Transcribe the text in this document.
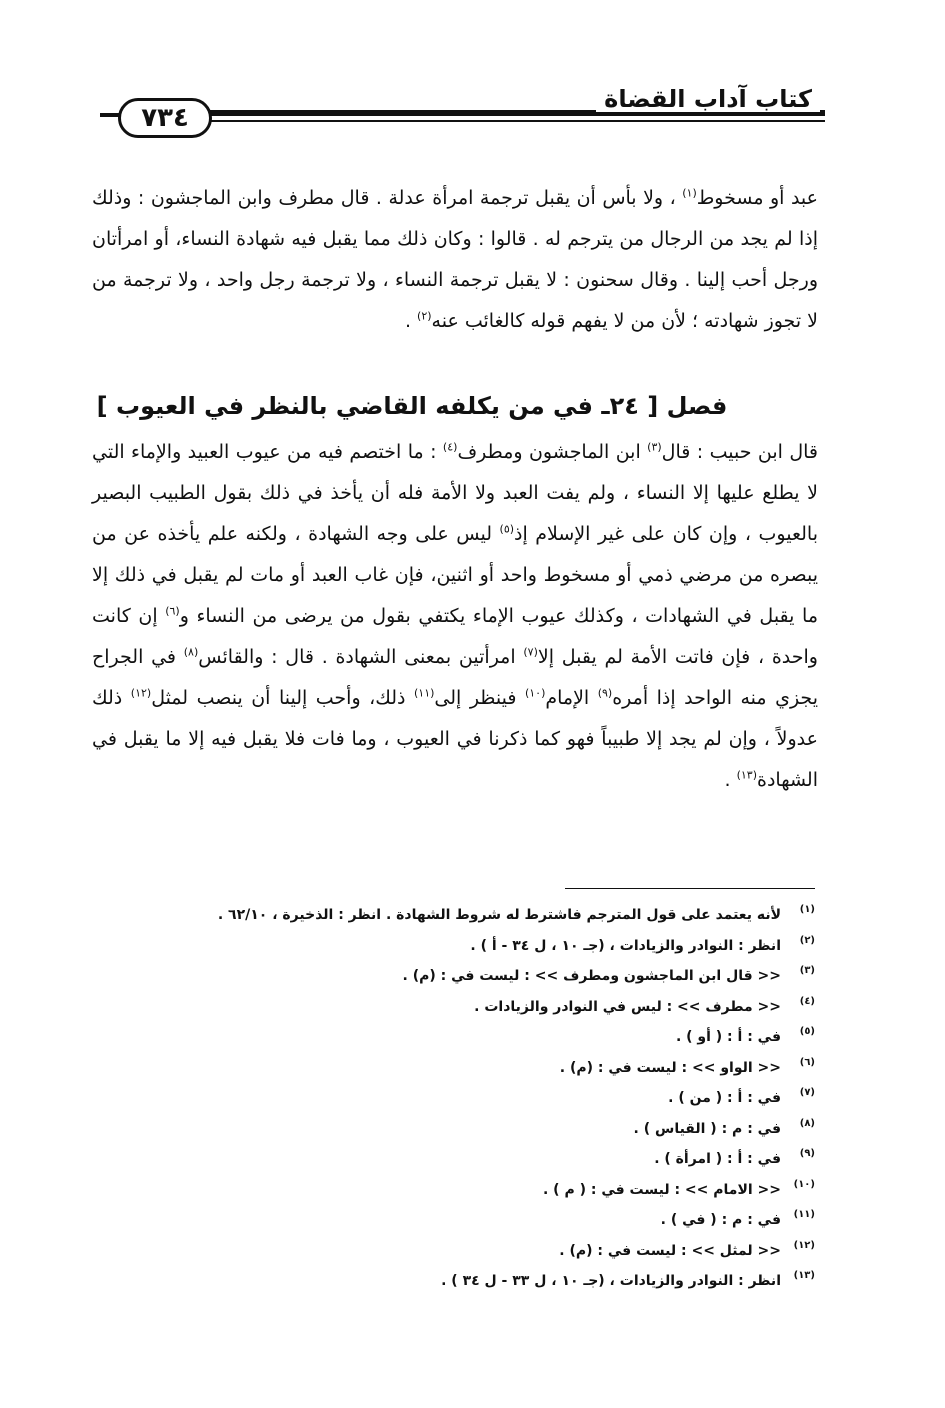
كتاب آداب القضاة
٧٣٤

عبد أو مسخوط$^{(١)}$ ، ولا بأس أن يقبل ترجمة امرأة عدلة . قال مطرف وابن الماجشون : وذلك إذا لم يجد من الرجال من يترجم له . قالوا : وكان ذلك مما يقبل فيه شهادة النساء، أو امرأتان ورجل أحب إلينا . وقال سحنون : لا يقبل ترجمة النساء ، ولا ترجمة رجل واحد ، ولا ترجمة من لا تجوز شهادته ؛ لأن من لا يفهم قوله كالغائب عنه$^{(٢)}$ .

فصل [ ٢٤ـ في من يكلفه القاضي بالنظر في العيوب ]

قال ابن حبيب : قال$^{(٣)}$ ابن الماجشون ومطرف$^{(٤)}$ : ما اختصم فيه من عيوب العبيد والإماء التي لا يطلع عليها إلا النساء ، ولم يفت العبد ولا الأمة فله أن يأخذ في ذلك بقول الطبيب البصير بالعيوب ، وإن كان على غير الإسلام إذ$^{(٥)}$ ليس على وجه الشهادة ، ولكنه علم يأخذه عن من يبصره من مرضي ذمي أو مسخوط واحد أو اثنين، فإن غاب العبد أو مات لم يقبل في ذلك إلا ما يقبل في الشهادات ، وكذلك عيوب الإماء يكتفي بقول من يرضى من النساء و$^{(٦)}$ إن كانت واحدة ، فإن فاتت الأمة لم يقبل إلا$^{(٧)}$ امرأتين بمعنى الشهادة . قال : والقائس$^{(٨)}$ في الجراح يجزي منه الواحد إذا أمره$^{(٩)}$ الإمام$^{(١٠)}$ فينظر إلى$^{(١١)}$ ذلك، وأحب إلينا أن ينصب لمثل$^{(١٢)}$ ذلك عدولاً ، وإن لم يجد إلا طبيباً فهو كما ذكرنا في العيوب ، وما فات فلا يقبل فيه إلا ما يقبل في الشهادة$^{(١٣)}$ .

(١)لأنه يعتمد على قول المترجم فاشترط له شروط الشهادة . انظر : الذخيرة ، ٦٢/١٠ .
(٢)انظر : النوادر والزيادات ، (جـ ١٠ ، ل ٣٤ - أ ) .
(٣)<< قال ابن الماجشون ومطرف >> : ليست في : (م) .
(٤)<< مطرف >> : ليس في النوادر والزيادات .
(٥)في : أ : ( أو ) .
(٦)<< الواو >> : ليست في : (م) .
(٧)في : أ : ( من ) .
(٨)في : م : ( القياس ) .
(٩)في : أ : ( امرأة ) .
(١٠)<< الامام >> : ليست في : ( م ) .
(١١)في : م : ( في ) .
(١٢)<< لمثل >> : ليست في : (م) .
(١٣)انظر : النوادر والزيادات ، (جـ ١٠ ، ل ٣٣ - ل ٣٤ ) .
